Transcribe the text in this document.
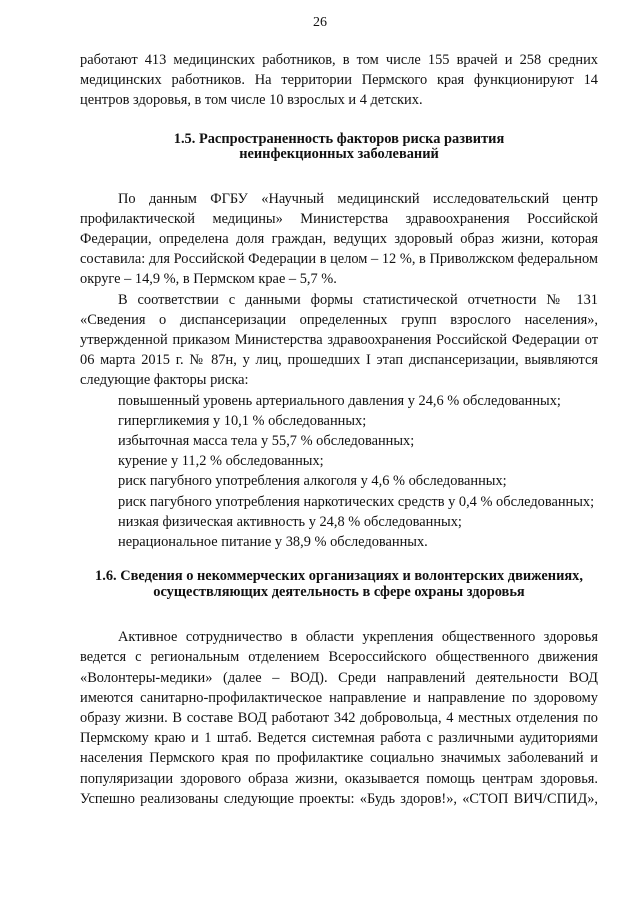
26

работают 413 медицинских работников, в том числе 155 врачей и 258 средних медицинских работников. На территории Пермского края функционируют 14 центров здоровья, в том числе 10 взрослых и 4 детских.

1.5. Распространенность факторов риска развития
неинфекционных заболеваний

По данным ФГБУ «Научный медицинский исследовательский центр профилактической медицины» Министерства здравоохранения Российской Федерации, определена доля граждан, ведущих здоровый образ жизни, которая составила: для Российской Федерации в целом – 12 %, в Приволжском федеральном округе – 14,9 %, в Пермском крае – 5,7 %.

В соответствии с данными формы статистической отчетности № 131 «Сведения о диспансеризации определенных групп взрослого населения», утвержденной приказом Министерства здравоохранения Российской Федерации от 06 марта 2015 г. № 87н, у лиц, прошедших I этап диспансеризации, выявляются следующие факторы риска:

повышенный уровень артериального давления у 24,6 % обследованных;

гипергликемия у 10,1 % обследованных;

избыточная масса тела у 55,7 % обследованных;

курение у 11,2 % обследованных;

риск пагубного употребления алкоголя у 4,6 % обследованных;

риск пагубного употребления наркотических средств у 0,4 % обследованных;

низкая физическая активность у 24,8 % обследованных;

нерациональное питание у 38,9 % обследованных.

1.6. Сведения о некоммерческих организациях и волонтерских движениях,
осуществляющих деятельность в сфере охраны здоровья

Активное сотрудничество в области укрепления общественного здоровья ведется с региональным отделением Всероссийского общественного движения «Волонтеры-медики» (далее – ВОД). Среди направлений деятельности ВОД имеются санитарно-профилактическое направление и направление по здоровому образу жизни. В составе ВОД работают 342 добровольца, 4 местных отделения по Пермскому краю и 1 штаб. Ведется системная работа с различными аудиториями населения Пермского края по профилактике социально значимых заболеваний и популяризации здорового образа жизни, оказывается помощь центрам здоровья. Успешно реализованы следующие проекты: «Будь здоров!», «СТОП ВИЧ/СПИД»,
